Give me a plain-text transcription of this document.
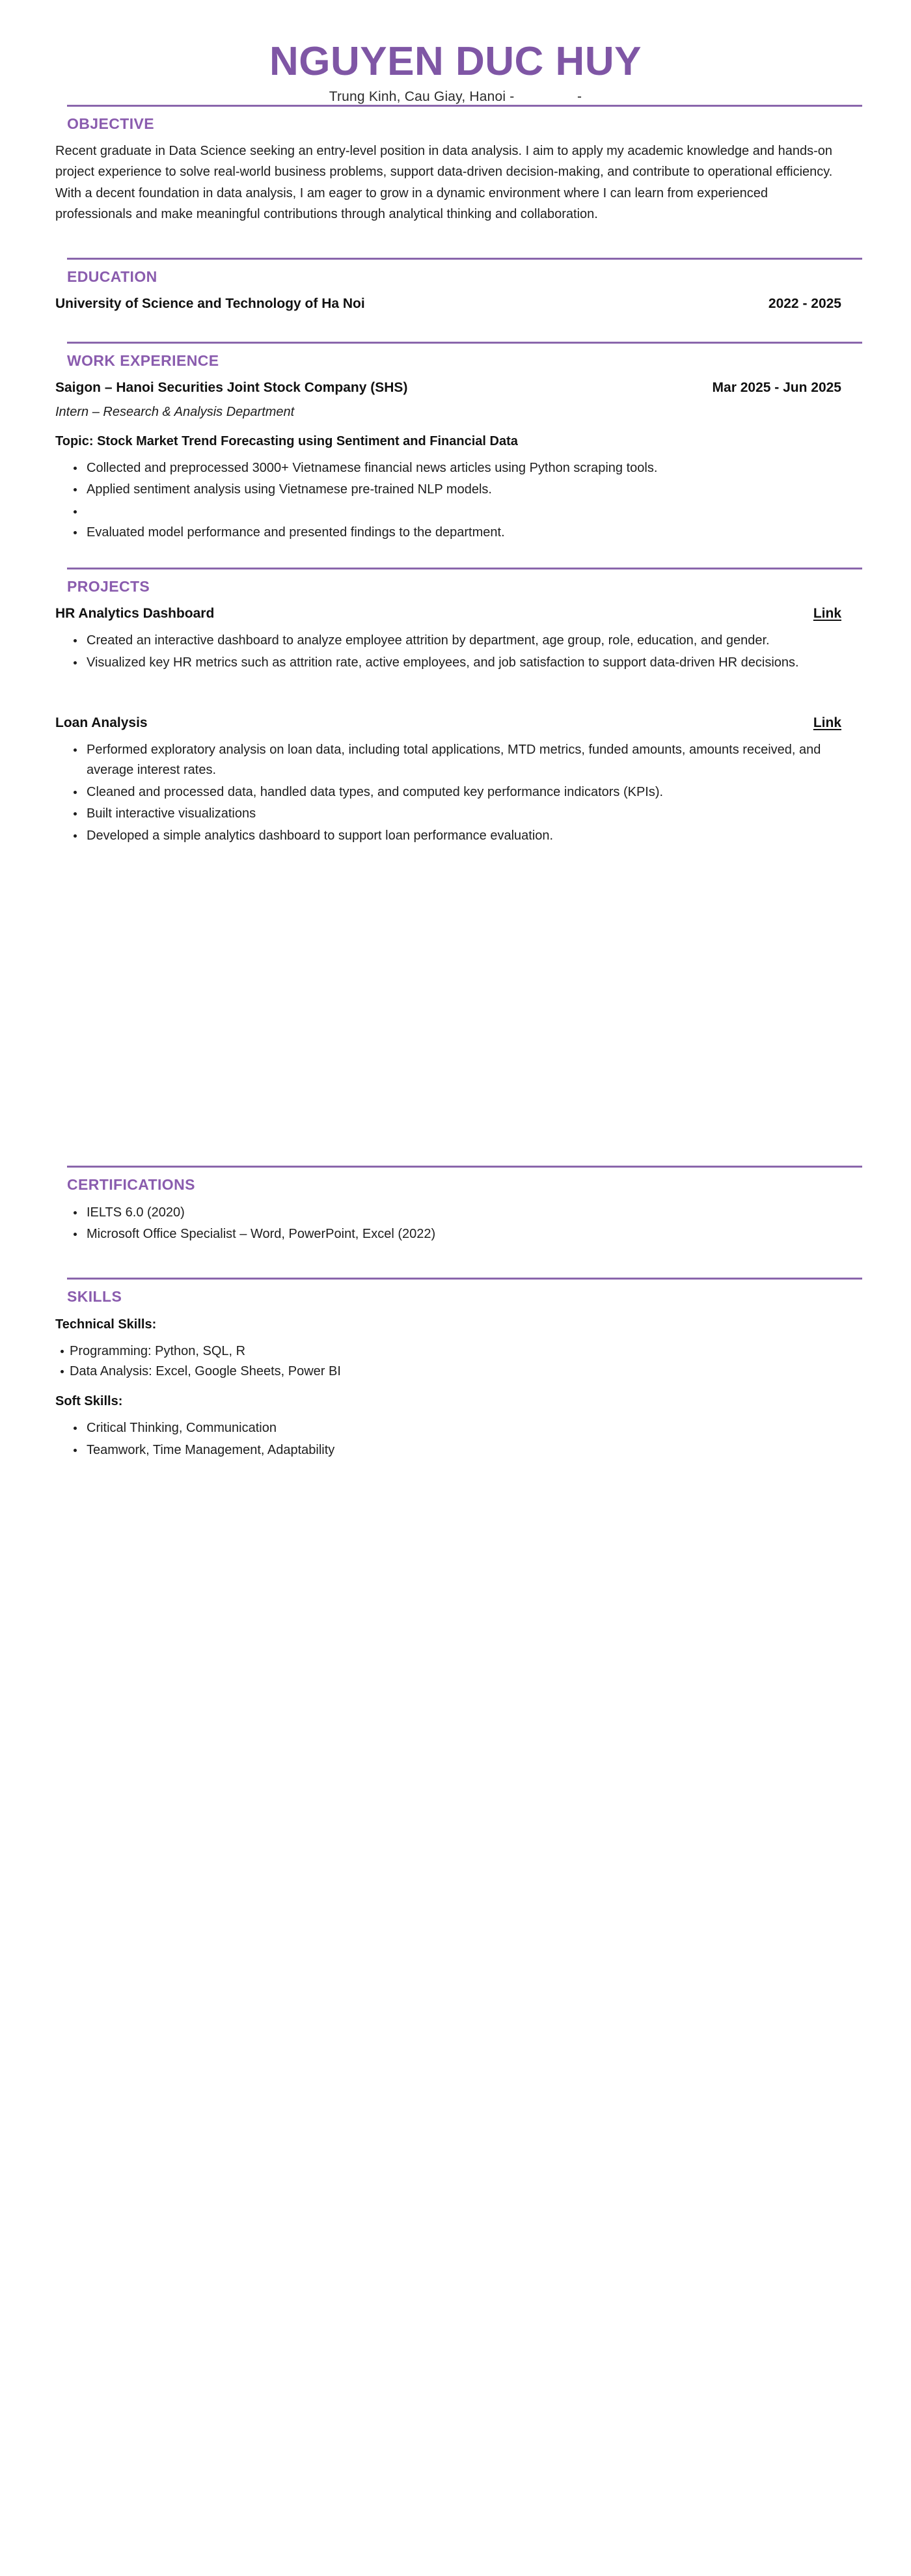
NGUYEN DUC HUY
Trung Kinh, Cau Giay, Hanoi -                -
OBJECTIVE

Recent graduate in Data Science seeking an entry-level position in data analysis. I aim to apply my academic knowledge and hands-on project experience to solve real-world business problems, support data-driven decision-making, and contribute to operational efficiency. With a decent foundation in data analysis, I am eager to grow in a dynamic environment where I can learn from experienced professionals and make meaningful contributions through analytical thinking and collaboration.

EDUCATION
University of Science and Technology of Ha Noi	2022 - 2025
WORK EXPERIENCE
Saigon – Hanoi Securities Joint Stock Company (SHS)	Mar 2025 - Jun 2025
Intern – Research & Analysis Department
Topic: Stock Market Trend Forecasting using Sentiment and Financial Data
Collected and preprocessed 3000+ Vietnamese financial news articles using Python scraping tools.
Applied sentiment analysis using Vietnamese pre-trained NLP models.
Evaluated model performance and presented findings to the department.
PROJECTS
HR Analytics Dashboard	Link
Created an interactive dashboard to analyze employee attrition by department, age group, role, education, and gender.
Visualized key HR metrics such as attrition rate, active employees, and job satisfaction to support data-driven HR decisions.
Loan Analysis	Link
Performed exploratory analysis on loan data, including total applications, MTD metrics, funded amounts, amounts received, and average interest rates.
Cleaned and processed data, handled data types, and computed key performance indicators (KPIs).
Built interactive visualizations
Developed a simple analytics dashboard to support loan performance evaluation.
CERTIFICATIONS
IELTS 6.0 (2020)
Microsoft Office Specialist – Word, PowerPoint, Excel (2022)
SKILLS
Technical Skills:
Programming: Python, SQL, R
Data Analysis: Excel, Google Sheets, Power BI
Soft Skills:
Critical Thinking, Communication
Teamwork, Time Management, Adaptability
